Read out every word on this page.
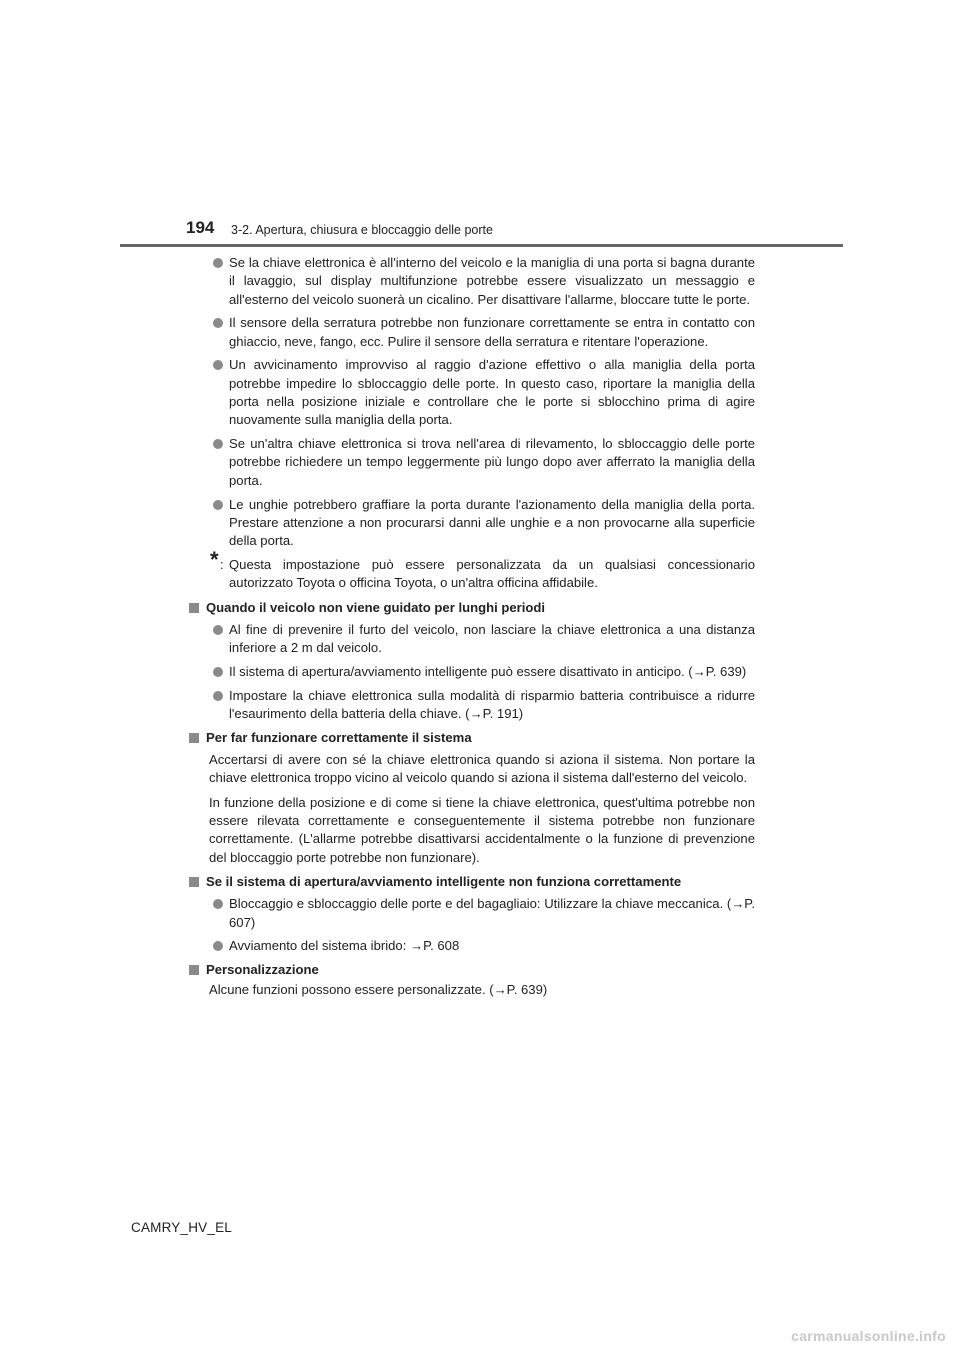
194 3-2. Apertura, chiusura e bloccaggio delle porte
Se la chiave elettronica è all'interno del veicolo e la maniglia di una porta si bagna durante il lavaggio, sul display multifunzione potrebbe essere visualizzato un messaggio e all'esterno del veicolo suonerà un cicalino. Per disattivare l'allarme, bloccare tutte le porte.
Il sensore della serratura potrebbe non funzionare correttamente se entra in contatto con ghiaccio, neve, fango, ecc. Pulire il sensore della serratura e ritentare l'operazione.
Un avvicinamento improvviso al raggio d'azione effettivo o alla maniglia della porta potrebbe impedire lo sbloccaggio delle porte. In questo caso, riportare la maniglia della porta nella posizione iniziale e controllare che le porte si sblocchino prima di agire nuovamente sulla maniglia della porta.
Se un'altra chiave elettronica si trova nell'area di rilevamento, lo sbloccaggio delle porte potrebbe richiedere un tempo leggermente più lungo dopo aver afferrato la maniglia della porta.
Le unghie potrebbero graffiare la porta durante l'azionamento della maniglia della porta. Prestare attenzione a non procurarsi danni alle unghie e a non provocarne alla superficie della porta.
* : Questa impostazione può essere personalizzata da un qualsiasi concessionario autorizzato Toyota o officina Toyota, o un'altra officina affidabile.
Quando il veicolo non viene guidato per lunghi periodi
Al fine di prevenire il furto del veicolo, non lasciare la chiave elettronica a una distanza inferiore a 2 m dal veicolo.
Il sistema di apertura/avviamento intelligente può essere disattivato in anticipo. (→P. 639)
Impostare la chiave elettronica sulla modalità di risparmio batteria contribuisce a ridurre l'esaurimento della batteria della chiave. (→P. 191)
Per far funzionare correttamente il sistema
Accertarsi di avere con sé la chiave elettronica quando si aziona il sistema. Non portare la chiave elettronica troppo vicino al veicolo quando si aziona il sistema dall'esterno del veicolo.
In funzione della posizione e di come si tiene la chiave elettronica, quest'ultima potrebbe non essere rilevata correttamente e conseguentemente il sistema potrebbe non funzionare correttamente. (L'allarme potrebbe disattivarsi accidentalmente o la funzione di prevenzione del bloccaggio porte potrebbe non funzionare).
Se il sistema di apertura/avviamento intelligente non funziona correttamente
Bloccaggio e sbloccaggio delle porte e del bagagliaio: Utilizzare la chiave meccanica. (→P. 607)
Avviamento del sistema ibrido: →P. 608
Personalizzazione
Alcune funzioni possono essere personalizzate. (→P. 639)
CAMRY_HV_EL
carmanualsonline.info
